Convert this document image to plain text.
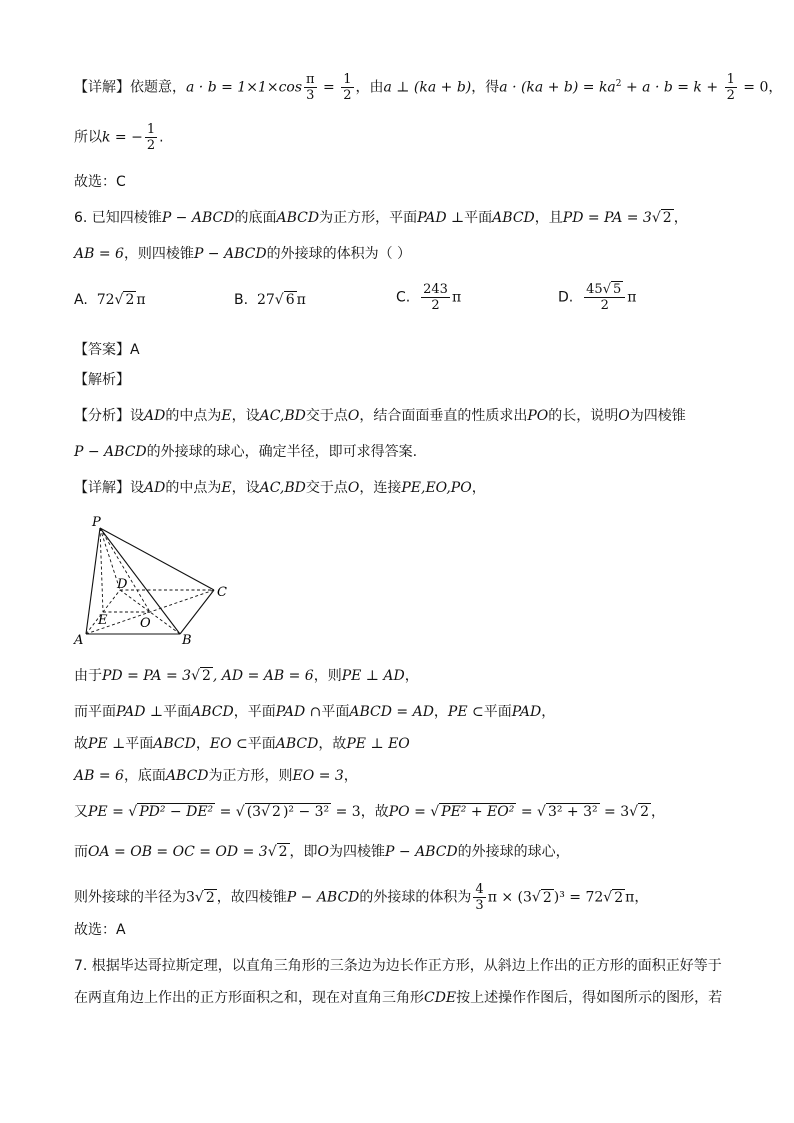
【详解】依题意，$a \cdot b = 1\times 1\times\cos \frac{\pi}{3} = \frac{1}{2}$ ，由a ⊥ (ka + b)，得$a \cdot (ka + b) = ka^2 + a \cdot b = k + \frac{1}{2} = 0$，
所以k = − $\frac{1}{2}$ .
故选：C
6. 已知四棱锥P − ABCD的底面ABCD为正方形，平面PAD ⊥平面ABCD，且PD = PA = 3√ 2 ，
AB = 6，则四棱锥P − ABCD的外接球的体积为（ ）
A. 72√ 2 π	B. 27√ 6 π	C. $\frac{243}{2}$ π	D. $\frac{45√ 5}{2}$ π
【答案】A
【解析】
【分析】设AD的中点为E，设AC,BD交于点O，结合面面垂直的性质求出PO的长，说明O为四棱锥
P − ABCD的外接球的球心，确定半径，即可求得答案.
【详解】设AD的中点为E，设AC,BD交于点O，连接PE,EO,PO，
P
D
C
E	O
A	B
由于PD = PA = 3√ 2 , AD = AB = 6，则PE ⊥ AD，
而平面PAD ⊥平面ABCD，平面PAD ∩平面ABCD = AD，PE ⊂平面PAD，
故PE ⊥平面ABCD，EO ⊂平面ABCD，故PE ⊥ EO
AB = 6，底面ABCD为正方形，则EO = 3，
又PE = √ PD² − DE² = √ (3√ 2 )² − 3² = 3，故PO = √ PE² + EO² = √ 3² + 3² = 3√ 2 ，
而OA = OB = OC = OD = 3√ 2 ，即O为四棱锥P − ABCD的外接球的球心，
则外接球的半径为3√ 2 ，故四棱锥P − ABCD的外接球的体积为 $\frac{4}{3}$ π × (3√ 2 )³ = 72√ 2 π，
故选：A
7. 根据毕达哥拉斯定理，以直角三角形的三条边为边长作正方形，从斜边上作出的正方形的面积正好等于
在两直角边上作出的正方形面积之和，现在对直角三角形CDE按上述操作作图后，得如图所示的图形，若
